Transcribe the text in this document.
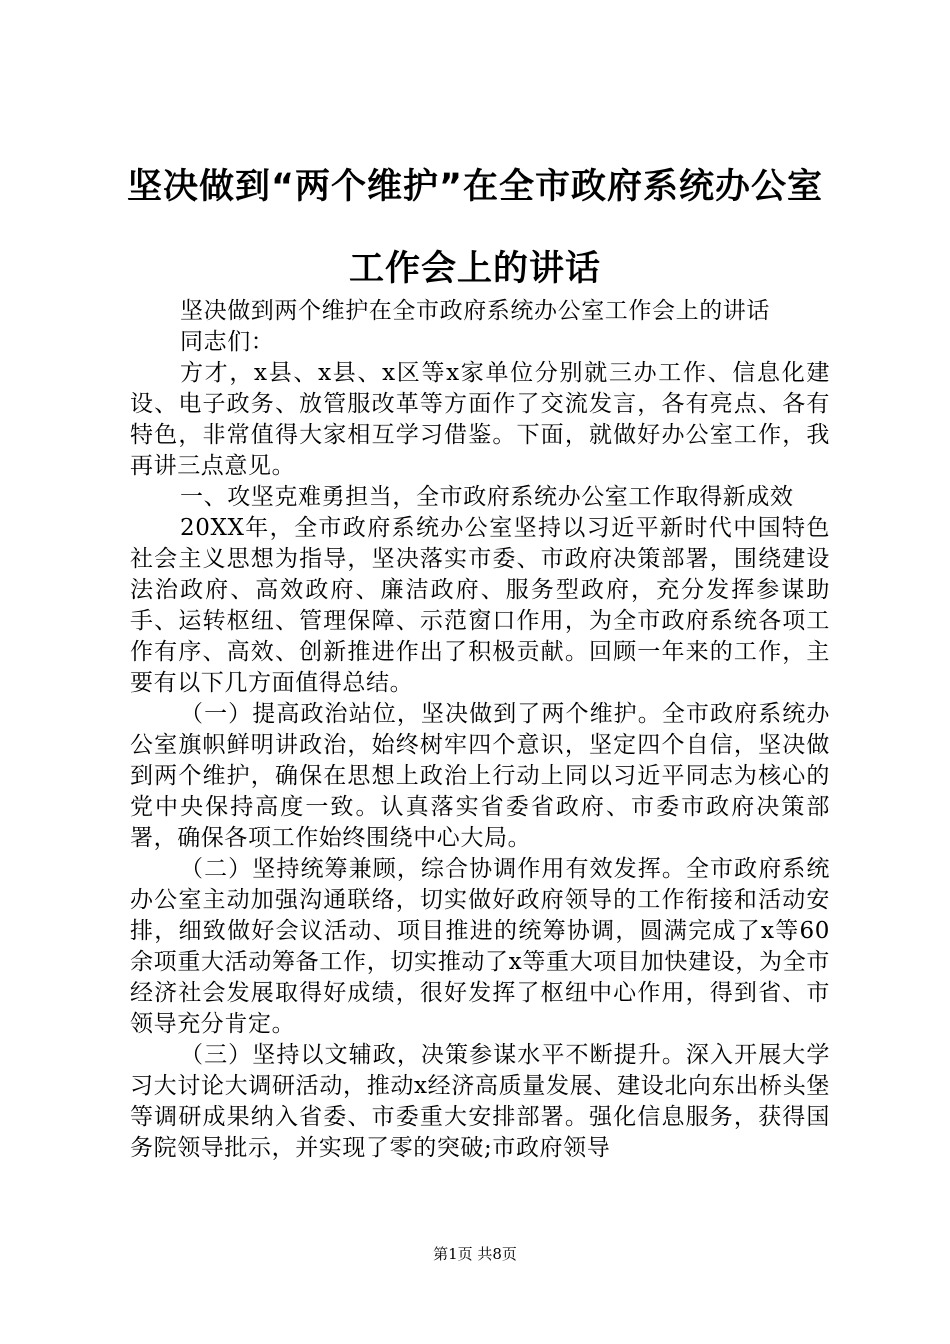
坚决做到“两个维护”在全市政府系统办公室
工作会上的讲话

坚决做到两个维护在全市政府系统办公室工作会上的讲话

同志们：

方才，x县、x县、x区等x家单位分别就三办工作、信息化建设、电子政务、放管服改革等方面作了交流发言，各有亮点、各有特色，非常值得大家相互学习借鉴。下面，就做好办公室工作，我再讲三点意见。

一、攻坚克难勇担当，全市政府系统办公室工作取得新成效

20XX年，全市政府系统办公室坚持以习近平新时代中国特色社会主义思想为指导，坚决落实市委、市政府决策部署，围绕建设法治政府、高效政府、廉洁政府、服务型政府，充分发挥参谋助手、运转枢纽、管理保障、示范窗口作用，为全市政府系统各项工作有序、高效、创新推进作出了积极贡献。回顾一年来的工作，主要有以下几方面值得总结。

（一）提高政治站位，坚决做到了两个维护。全市政府系统办公室旗帜鲜明讲政治，始终树牢四个意识，坚定四个自信，坚决做到两个维护，确保在思想上政治上行动上同以习近平同志为核心的党中央保持高度一致。认真落实省委省政府、市委市政府决策部署，确保各项工作始终围绕中心大局。

（二）坚持统筹兼顾，综合协调作用有效发挥。全市政府系统办公室主动加强沟通联络，切实做好政府领导的工作衔接和活动安排，细致做好会议活动、项目推进的统筹协调，圆满完成了x等60余项重大活动筹备工作，切实推动了x等重大项目加快建设，为全市经济社会发展取得好成绩，很好发挥了枢纽中心作用，得到省、市领导充分肯定。

（三）坚持以文辅政，决策参谋水平不断提升。深入开展大学习大讨论大调研活动，推动x经济高质量发展、建设北向东出桥头堡等调研成果纳入省委、市委重大安排部署。强化信息服务，获得国务院领导批示，并实现了零的突破;市政府领导

第1页 共8页
